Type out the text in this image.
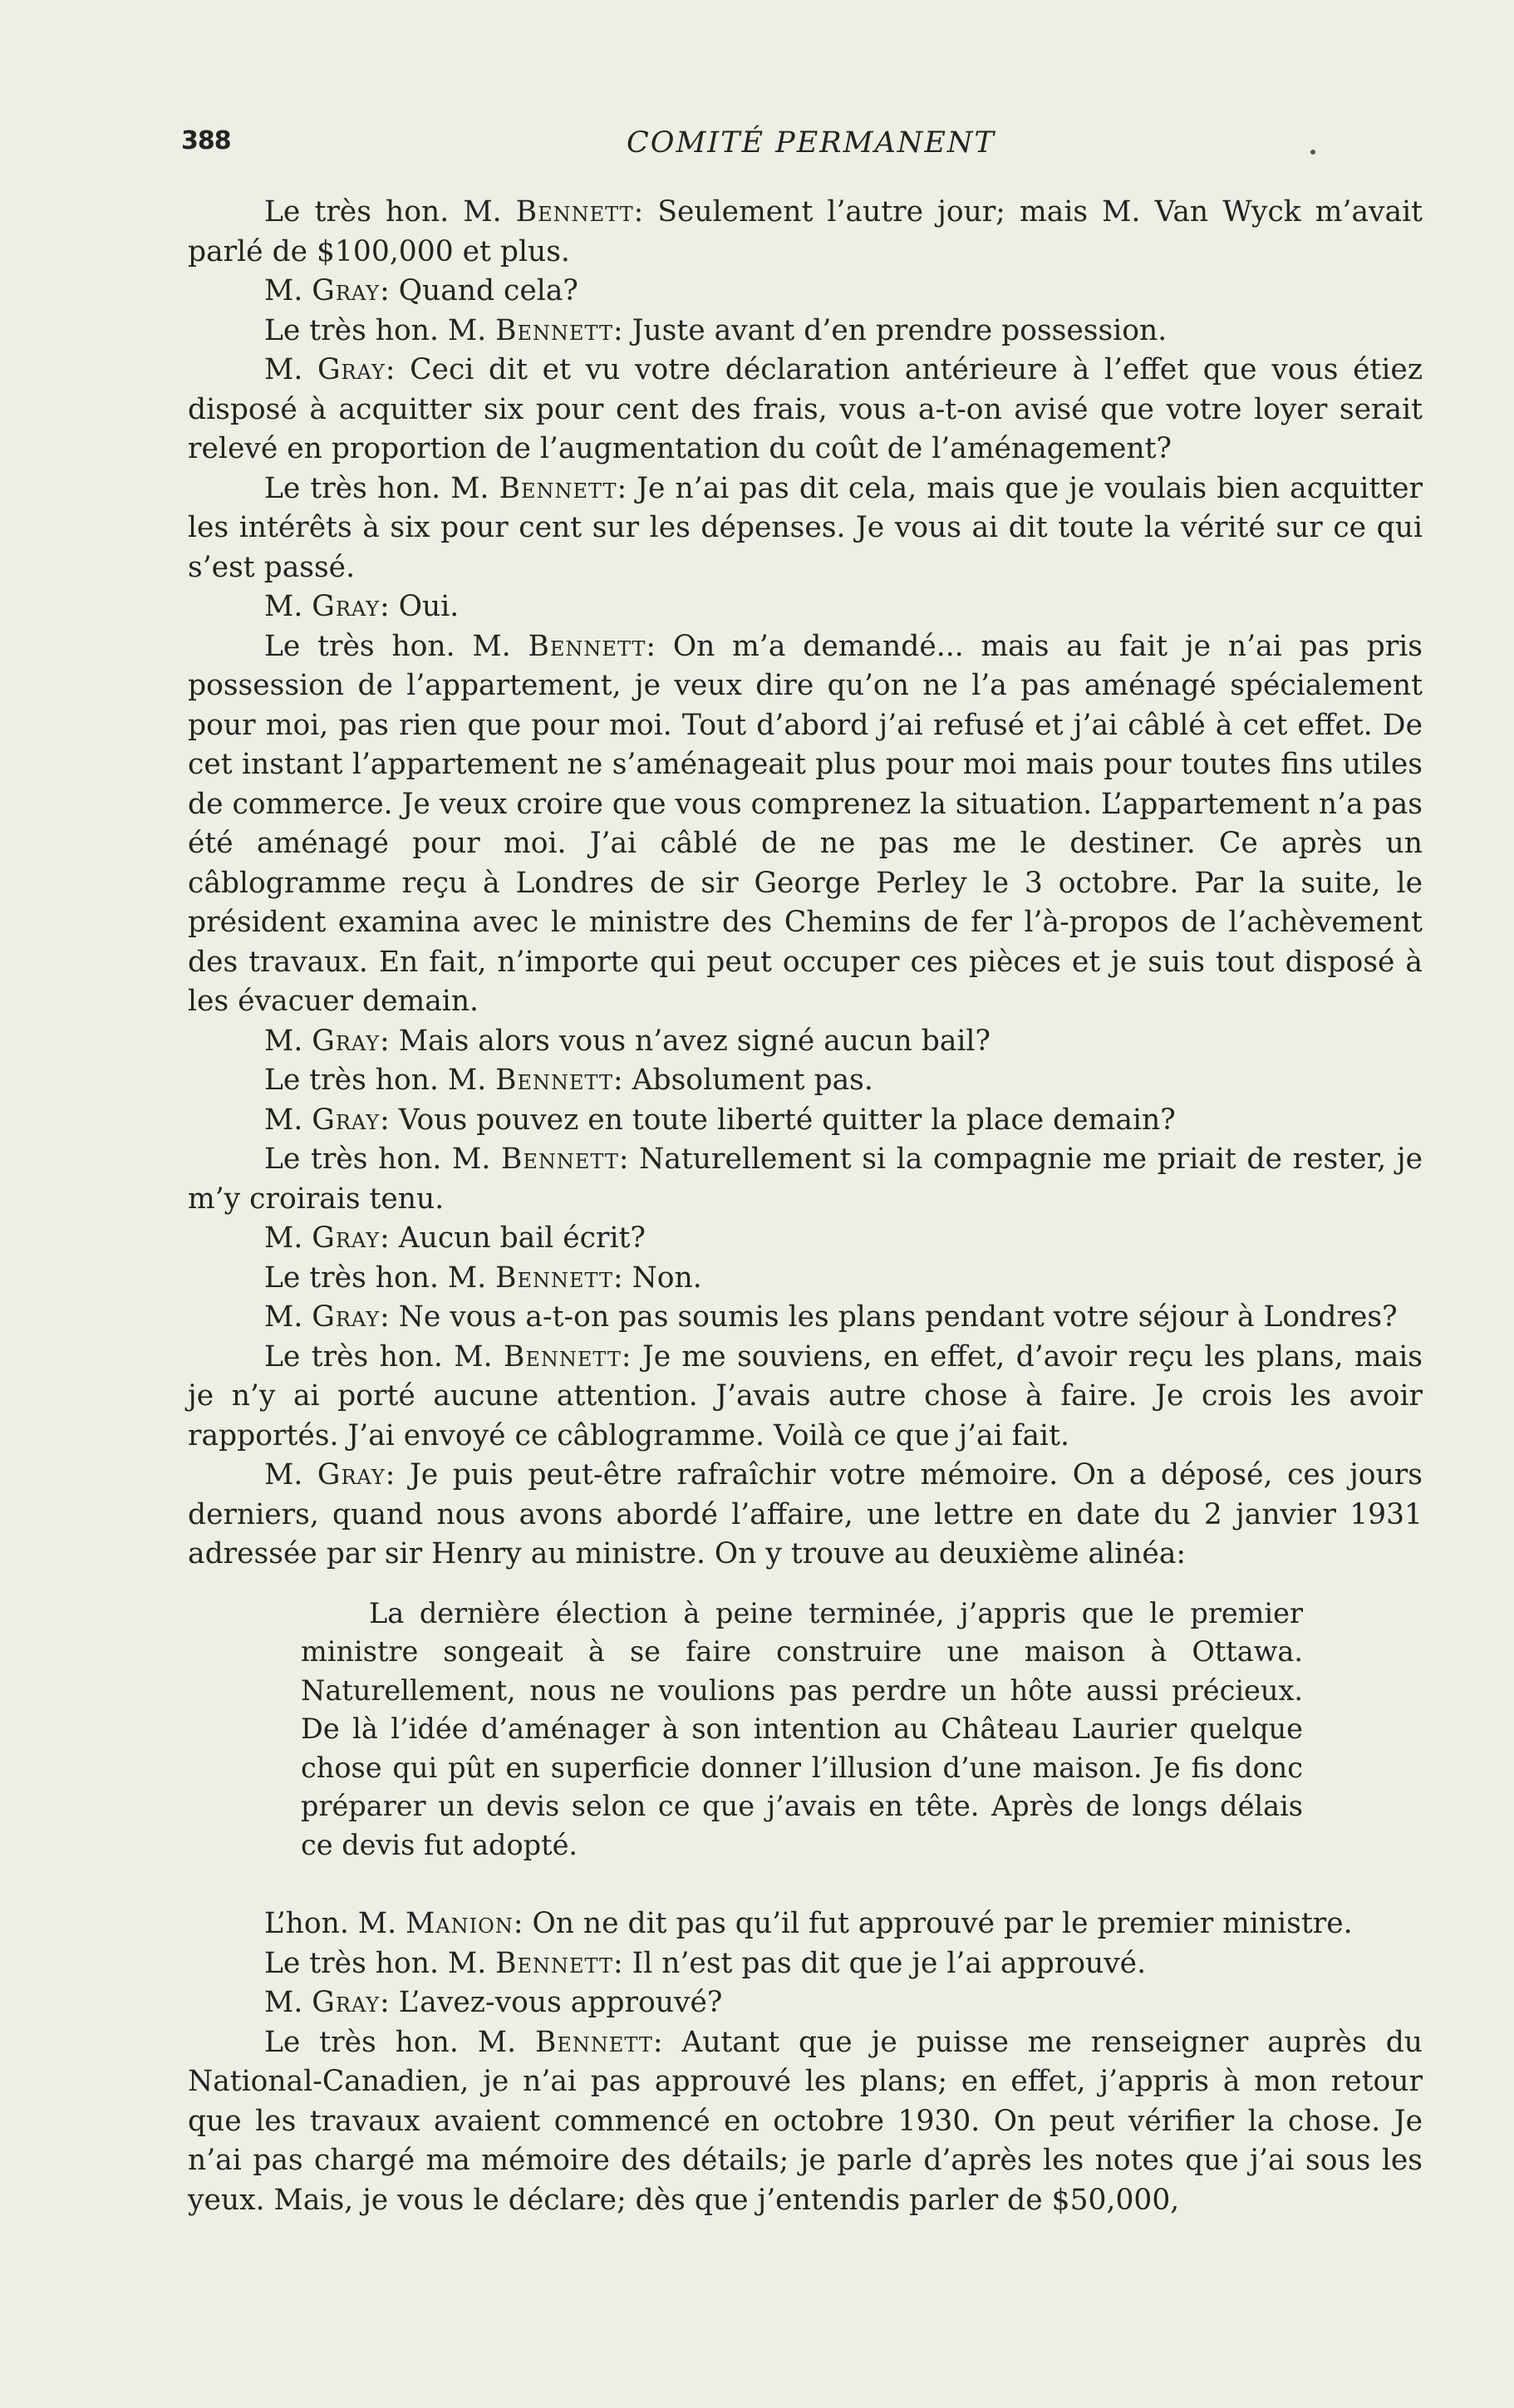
388	COMITÉ PERMANENT

Le très hon. M. Bennett: Seulement l’autre jour; mais M. Van Wyck m’avait parlé de $100,000 et plus.

M. Gray: Quand cela?

Le très hon. M. Bennett: Juste avant d’en prendre possession.

M. Gray: Ceci dit et vu votre déclaration antérieure à l’effet que vous étiez disposé à acquitter six pour cent des frais, vous a-t-on avisé que votre loyer serait relevé en proportion de l’augmentation du coût de l’aménagement?

Le très hon. M. Bennett: Je n’ai pas dit cela, mais que je voulais bien acquitter les intérêts à six pour cent sur les dépenses. Je vous ai dit toute la vérité sur ce qui s’est passé.

M. Gray: Oui.

Le très hon. M. Bennett: On m’a demandé... mais au fait je n’ai pas pris possession de l’appartement, je veux dire qu’on ne l’a pas aménagé spécialement pour moi, pas rien que pour moi. Tout d’abord j’ai refusé et j’ai câblé à cet effet. De cet instant l’appartement ne s’aménageait plus pour moi mais pour toutes fins utiles de commerce. Je veux croire que vous comprenez la situation. L’appartement n’a pas été aménagé pour moi. J’ai câblé de ne pas me le destiner. Ce après un câblogramme reçu à Londres de sir George Perley le 3 octobre. Par la suite, le président examina avec le ministre des Chemins de fer l’à-propos de l’achèvement des travaux. En fait, n’importe qui peut occuper ces pièces et je suis tout disposé à les évacuer demain.

M. Gray: Mais alors vous n’avez signé aucun bail?

Le très hon. M. Bennett: Absolument pas.

M. Gray: Vous pouvez en toute liberté quitter la place demain?

Le très hon. M. Bennett: Naturellement si la compagnie me priait de rester, je m’y croirais tenu.

M. Gray: Aucun bail écrit?

Le très hon. M. Bennett: Non.

M. Gray: Ne vous a-t-on pas soumis les plans pendant votre séjour à Londres?

Le très hon. M. Bennett: Je me souviens, en effet, d’avoir reçu les plans, mais je n’y ai porté aucune attention. J’avais autre chose à faire. Je crois les avoir rapportés. J’ai envoyé ce câblogramme. Voilà ce que j’ai fait.

M. Gray: Je puis peut-être rafraîchir votre mémoire. On a déposé, ces jours derniers, quand nous avons abordé l’affaire, une lettre en date du 2 janvier 1931 adressée par sir Henry au ministre. On y trouve au deuxième alinéa:

La dernière élection à peine terminée, j’appris que le premier ministre songeait à se faire construire une maison à Ottawa. Naturellement, nous ne voulions pas perdre un hôte aussi précieux. De là l’idée d’aménager à son intention au Château Laurier quelque chose qui pût en superficie donner l’illusion d’une maison. Je fis donc préparer un devis selon ce que j’avais en tête. Après de longs délais ce devis fut adopté.

L’hon. M. Manion: On ne dit pas qu’il fut approuvé par le premier ministre.

Le très hon. M. Bennett: Il n’est pas dit que je l’ai approuvé.

M. Gray: L’avez-vous approuvé?

Le très hon. M. Bennett: Autant que je puisse me renseigner auprès du National-Canadien, je n’ai pas approuvé les plans; en effet, j’appris à mon retour que les travaux avaient commencé en octobre 1930. On peut vérifier la chose. Je n’ai pas chargé ma mémoire des détails; je parle d’après les notes que j’ai sous les yeux. Mais, je vous le déclare; dès que j’entendis parler de $50,000,
